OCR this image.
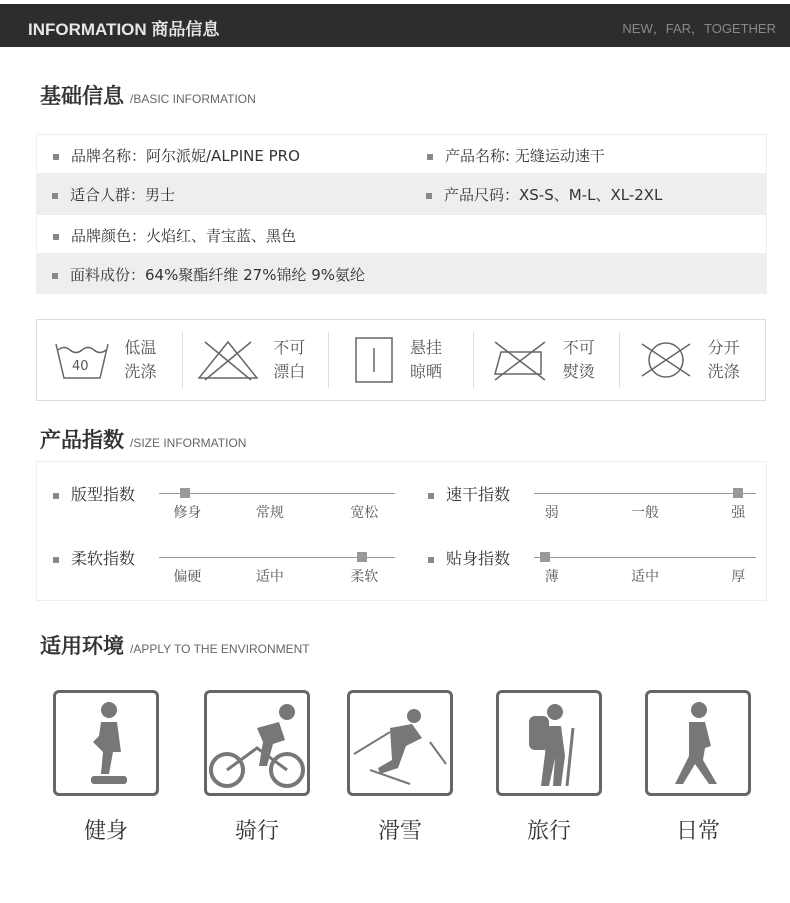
INFORMATION 商品信息	NEW，FAR，TOGETHER
基础信息 /BASIC INFORMATION
品牌名称：阿尔派妮/ALPINE PRO	产品名称: 无缝运动速干
适合人群：男士	产品尺码：XS-S、M-L、XL-2XL
品牌颜色：火焰红、青宝蓝、黑色
面料成份：64%聚酯纤维 27%锦纶 9%氨纶
40
低温洗涤
不可漂白
悬挂晾晒
不可熨烫
分开洗涤
产品指数 /SIZE INFORMATION
版型指数
修身	常规	宽松
速干指数
弱	一般	强
柔软指数
偏硬	适中	柔软
贴身指数
薄	适中	厚
适用环境 /APPLY TO THE ENVIRONMENT
健身	骑行	滑雪	旅行	日常
